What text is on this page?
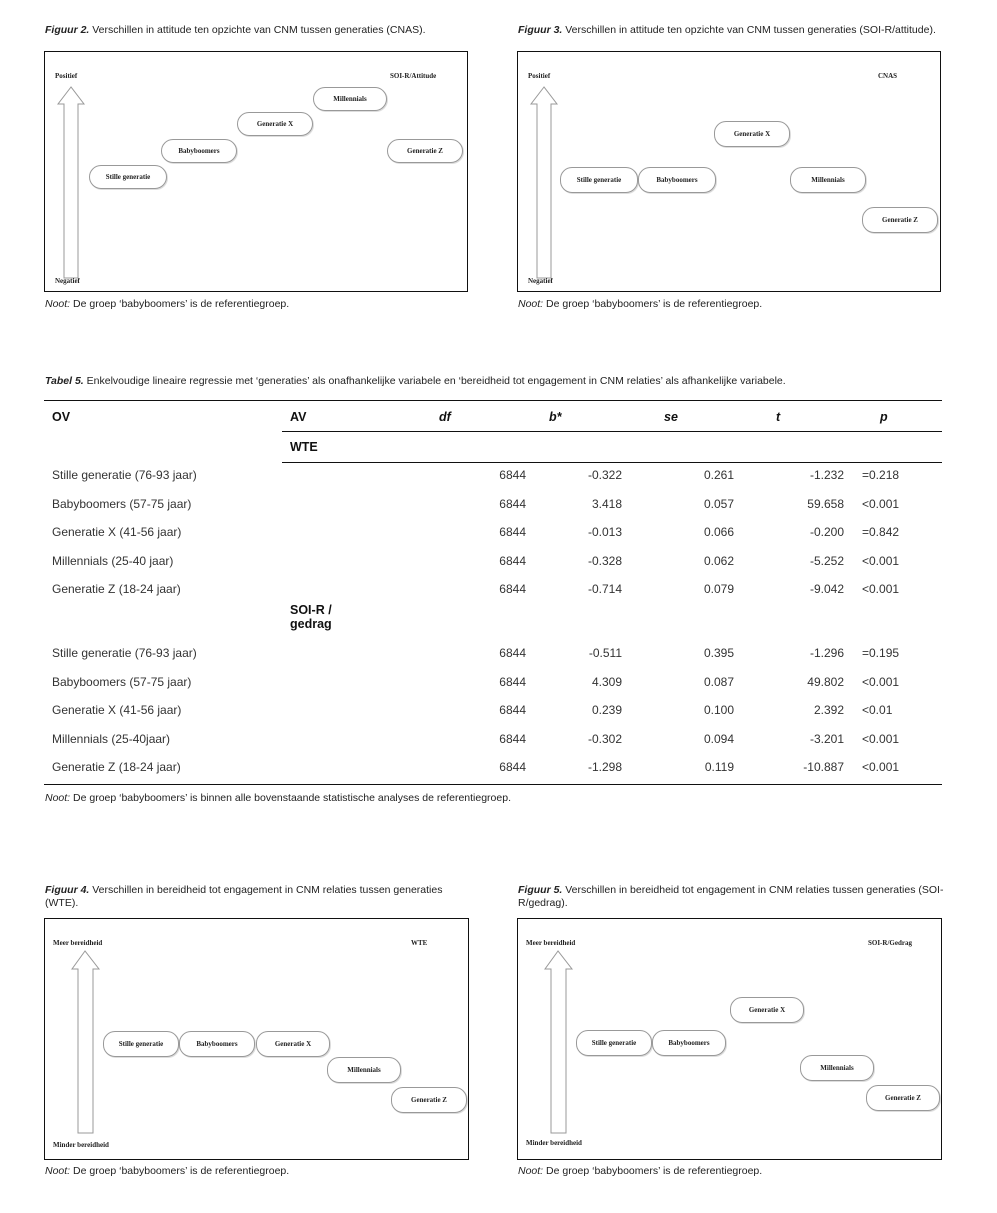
Figuur 2. Verschillen in attitude ten opzichte van CNM tussen generaties (CNAS).
Positief
Negatief
SOI-R/Attitude
Stille generatie
Babyboomers
Generatie X
Millennials
Generatie Z
Noot: De groep ‘babyboomers’ is de referentiegroep.
Figuur 3. Verschillen in attitude ten opzichte van CNM tussen generaties (SOI-R/attitude).
Positief
Negatief
CNAS
Generatie X
Stille generatie	Babyboomers	Millennials
Generatie Z
Noot: De groep ‘babyboomers’ is de referentiegroep.
Tabel 5. Enkelvoudige lineaire regressie met ‘generaties’ als onafhankelijke variabele en ‘bereidheid tot engagement in CNM relaties’ als afhankelijke variabele.
OV	AV	df	b*	se	t	p
WTE
Stille generatie (76-93 jaar)	6844	-0.322	0.261	-1.232 =0.218
Babyboomers (57-75 jaar)	6844	3.418	0.057	59.658 <0.001
Generatie X (41-56 jaar)	6844	-0.013	0.066	-0.200 =0.842
Millennials (25-40 jaar)	6844	-0.328	0.062	-5.252 <0.001
Generatie Z (18-24 jaar)	6844	-0.714	0.079	-9.042 <0.001
SOI-R /
gedrag
Stille generatie (76-93 jaar)	6844	-0.511	0.395	-1.296 =0.195
Babyboomers (57-75 jaar)	6844	4.309	0.087	49.802 <0.001
Generatie X (41-56 jaar)	6844	0.239	0.100	2.392 <0.01
Millennials (25-40jaar)	6844	-0.302	0.094	-3.201 <0.001
Generatie Z (18-24 jaar)	6844	-1.298	0.119	-10.887 <0.001
Noot: De groep ‘babyboomers’ is binnen alle bovenstaande statistische analyses de referentiegroep.
Figuur 4. Verschillen in bereidheid tot engagement in CNM relaties tussen generaties (WTE).
Meer bereidheid
Minder bereidheid
WTE
Stille generatie	Babyboomers	Generatie X
Millennials
Generatie Z
Noot: De groep ‘babyboomers’ is de referentiegroep.
Figuur 5. Verschillen in bereidheid tot engagement in CNM relaties tussen generaties (SOI-R/gedrag).
Meer bereidheid
Minder bereidheid
SOI-R/Gedrag
Generatie X
Stille generatie	Babyboomers
Millennials
Generatie Z
Noot: De groep ‘babyboomers’ is de referentiegroep.
